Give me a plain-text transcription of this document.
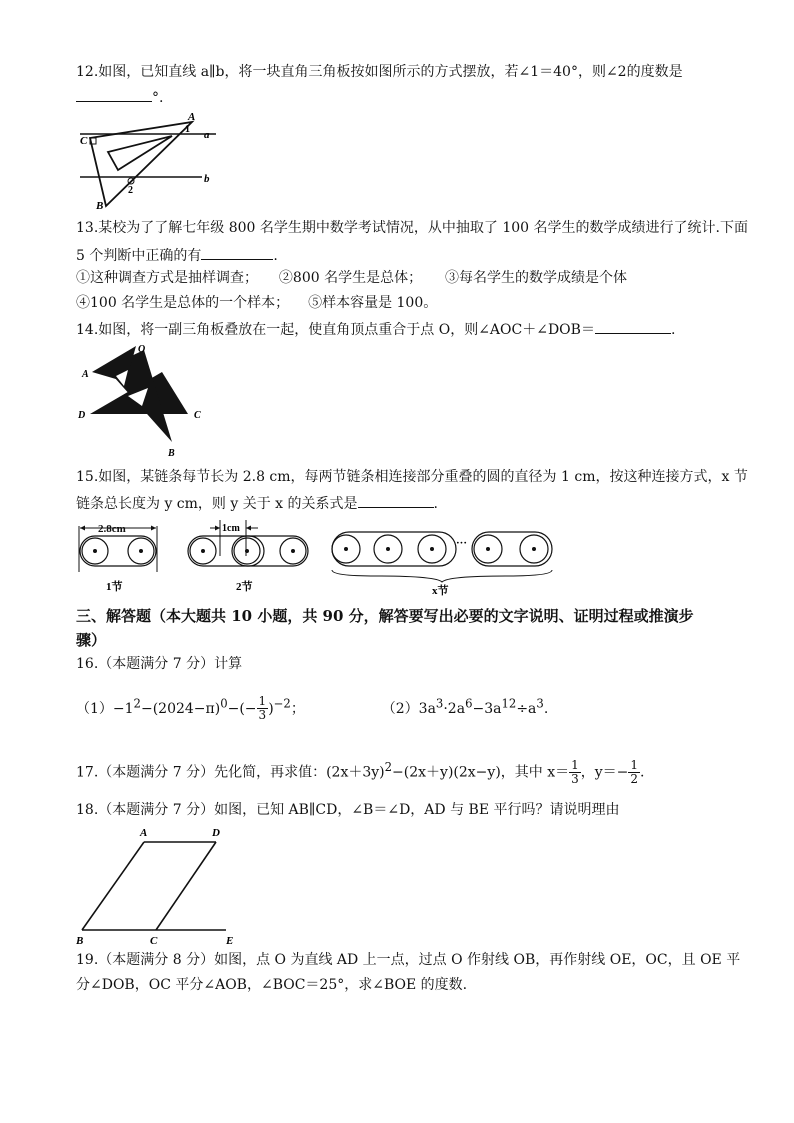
12.如图，已知直线 a∥b，将一块直角三角板按如图所示的方式摆放，若∠1＝40°，则∠2的度数是
°.
A
C
B
a
b
1
2
13.某校为了了解七年级 800 名学生期中数学考试情况，从中抽取了 100 名学生的数学成绩进行了统计.下面
5 个判断中正确的有	.
①这种调查方式是抽样调查； ②800 名学生是总体； ③每名学生的数学成绩是个体
④100 名学生是总体的一个样本； ⑤样本容量是 100。
14.如图，将一副三角板叠放在一起，使直角顶点重合于点 O，则∠AOC＋∠DOB＝	.
O
A
D	C
B
15.如图，某链条每节长为 2.8 cm，每两节链条相连接部分重叠的圆的直径为 1 cm，按这种连接方式，x 节
链条总长度为 y cm，则 y 关于 x 的关系式是	.
2.8cm
1节
1cm
2节
···
x节
三、解答题（本大题共 10 小题，共 90 分，解答要写出必要的文字说明、证明过程或推演步
骤）
16.（本题满分 7 分）计算
$(1)-1^2-(2024-\pi)^0-(- \frac{1}{3} )^{-2}$；	$(2)3a^3\cdot 2a^6-3a^{12}\div a^3$.
17.（本题满分 7 分）先化简，再求值：$(2x+3y)^2-(2x+y)(2x-y)$，其中 $x= \frac{1}{3}$ ，$y=- \frac{1}{2}$ .
18.（本题满分 7 分）如图，已知 AB∥CD，∠B＝∠D，AD 与 BE 平行吗？请说明理由
A	D
B	C	E
19.（本题满分 8 分）如图，点 O 为直线 AD 上一点，过点 O 作射线 OB，再作射线 OE，OC，且 OE 平
分∠DOB，OC 平分∠AOB，∠BOC＝25°，求∠BOE 的度数.
